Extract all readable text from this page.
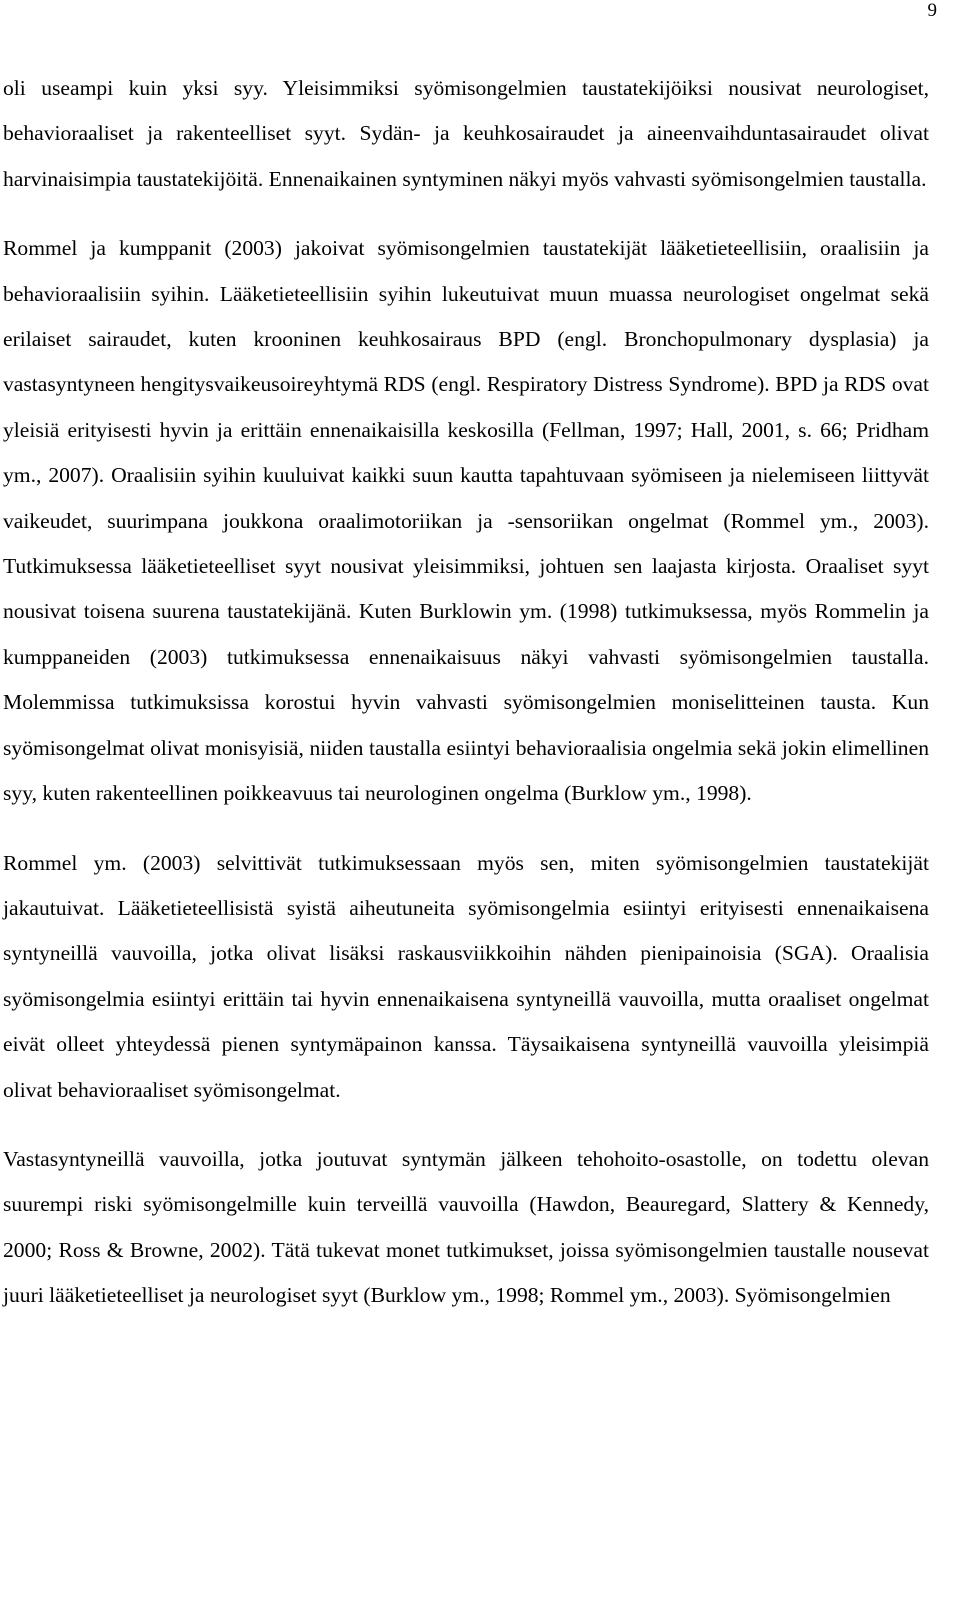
9

oli useampi kuin yksi syy. Yleisimmiksi syömisongelmien taustatekijöiksi nousivat neurologiset, behavioraaliset ja rakenteelliset syyt. Sydän- ja keuhkosairaudet ja aineenvaihduntasairaudet olivat harvinaisimpia taustatekijöitä. Ennenaikainen syntyminen näkyi myös vahvasti syömisongelmien taustalla.

Rommel ja kumppanit (2003) jakoivat syömisongelmien taustatekijät lääketieteellisiin, oraalisiin ja behavioraalisiin syihin. Lääketieteellisiin syihin lukeutuivat muun muassa neurologiset ongelmat sekä erilaiset sairaudet, kuten krooninen keuhkosairaus BPD (engl. Bronchopulmonary dysplasia) ja vastasyntyneen hengitysvaikeusoireyhtymä RDS (engl. Respiratory Distress Syndrome). BPD ja RDS ovat yleisiä erityisesti hyvin ja erittäin ennenaikaisilla keskosilla (Fellman, 1997; Hall, 2001, s. 66; Pridham ym., 2007). Oraalisiin syihin kuuluivat kaikki suun kautta tapahtuvaan syömiseen ja nielemiseen liittyvät vaikeudet, suurimpana joukkona oraalimotoriikan ja -sensoriikan ongelmat (Rommel ym., 2003). Tutkimuksessa lääketieteelliset syyt nousivat yleisimmiksi, johtuen sen laajasta kirjosta. Oraaliset syyt nousivat toisena suurena taustatekijänä. Kuten Burklowin ym. (1998) tutkimuksessa, myös Rommelin ja kumppaneiden (2003) tutkimuksessa ennenaikaisuus näkyi vahvasti syömisongelmien taustalla. Molemmissa tutkimuksissa korostui hyvin vahvasti syömisongelmien moniselitteinen tausta. Kun syömisongelmat olivat monisyisiä, niiden taustalla esiintyi behavioraalisia ongelmia sekä jokin elimellinen syy, kuten rakenteellinen poikkeavuus tai neurologinen ongelma (Burklow ym., 1998).

Rommel ym. (2003) selvittivät tutkimuksessaan myös sen, miten syömisongelmien taustatekijät jakautuivat. Lääketieteellisistä syistä aiheutuneita syömisongelmia esiintyi erityisesti ennenaikaisena syntyneillä vauvoilla, jotka olivat lisäksi raskausviikkoihin nähden pienipainoisia (SGA). Oraalisia syömisongelmia esiintyi erittäin tai hyvin ennenaikaisena syntyneillä vauvoilla, mutta oraaliset ongelmat eivät olleet yhteydessä pienen syntymäpainon kanssa. Täysaikaisena syntyneillä vauvoilla yleisimpiä olivat behavioraaliset syömisongelmat.

Vastasyntyneillä vauvoilla, jotka joutuvat syntymän jälkeen tehohoito-osastolle, on todettu olevan suurempi riski syömisongelmille kuin terveillä vauvoilla (Hawdon, Beauregard, Slattery & Kennedy, 2000; Ross & Browne, 2002). Tätä tukevat monet tutkimukset, joissa syömisongelmien taustalle nousevat juuri lääketieteelliset ja neurologiset syyt (Burklow ym., 1998; Rommel ym., 2003). Syömisongelmien
